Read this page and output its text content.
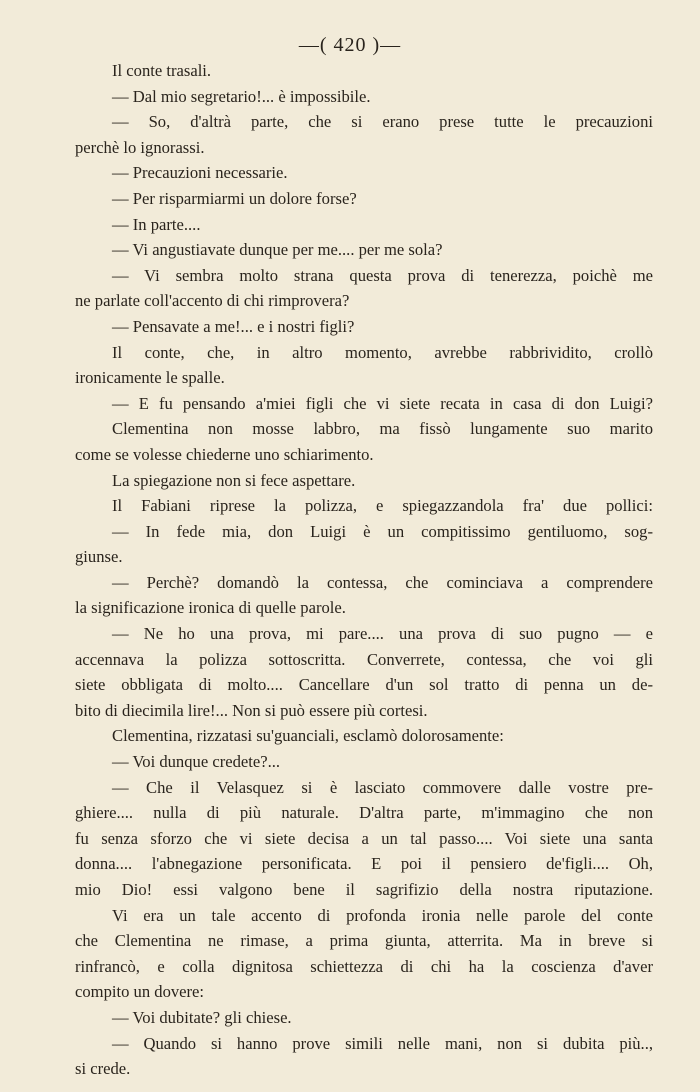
—( 420 )—
Il conte trasali.
— Dal mio segretario!... è impossibile.
— So, d'altrà parte, che si erano prese tutte le precauzioni
perchè lo ignorassi.
— Precauzioni necessarie.
— Per risparmiarmi un dolore forse?
— In parte....
— Vi angustiavate dunque per me.... per me sola?
— Vi sembra molto strana questa prova di tenerezza, poichè me
ne parlate coll'accento di chi rimprovera?
— Pensavate a me!... e i nostri figli?
Il conte, che, in altro momento, avrebbe rabbrividito, crollò
ironicamente le spalle.
— E fu pensando a'miei figli che vi siete recata in casa di don Luigi?
Clementina non mosse labbro, ma fissò lungamente suo marito
come se volesse chiederne uno schiarimento.
La spiegazione non si fece aspettare.
Il Fabiani riprese la polizza, e spiegazzandola fra' due pollici:
— In fede mia, don Luigi è un compitissimo gentiluomo, sog-
giunse.
— Perchè? domandò la contessa, che cominciava a comprendere
la significazione ironica di quelle parole.
— Ne ho una prova, mi pare.... una prova di suo pugno — e
accennava la polizza sottoscritta. Converrete, contessa, che voi gli
siete obbligata di molto.... Cancellare d'un sol tratto di penna un de-
bito di diecimila lire!... Non si può essere più cortesi.
Clementina, rizzatasi su'guanciali, esclamò dolorosamente:
— Voi dunque credete?...
— Che il Velasquez si è lasciato commovere dalle vostre pre-
ghiere.... nulla di più naturale. D'altra parte, m'immagino che non
fu senza sforzo che vi siete decisa a un tal passo.... Voi siete una santa
donna.... l'abnegazione personificata. E poi il pensiero de'figli.... Oh,
mio Dio! essi valgono bene il sagrifizio della nostra riputazione.
Vi era un tale accento di profonda ironia nelle parole del conte
che Clementina ne rimase, a prima giunta, atterrita. Ma in breve si
rinfrancò, e colla dignitosa schiettezza di chi ha la coscienza d'aver
compito un dovere:
— Voi dubitate? gli chiese.
— Quando si hanno prove simili nelle mani, non si dubita più..,
si crede.
